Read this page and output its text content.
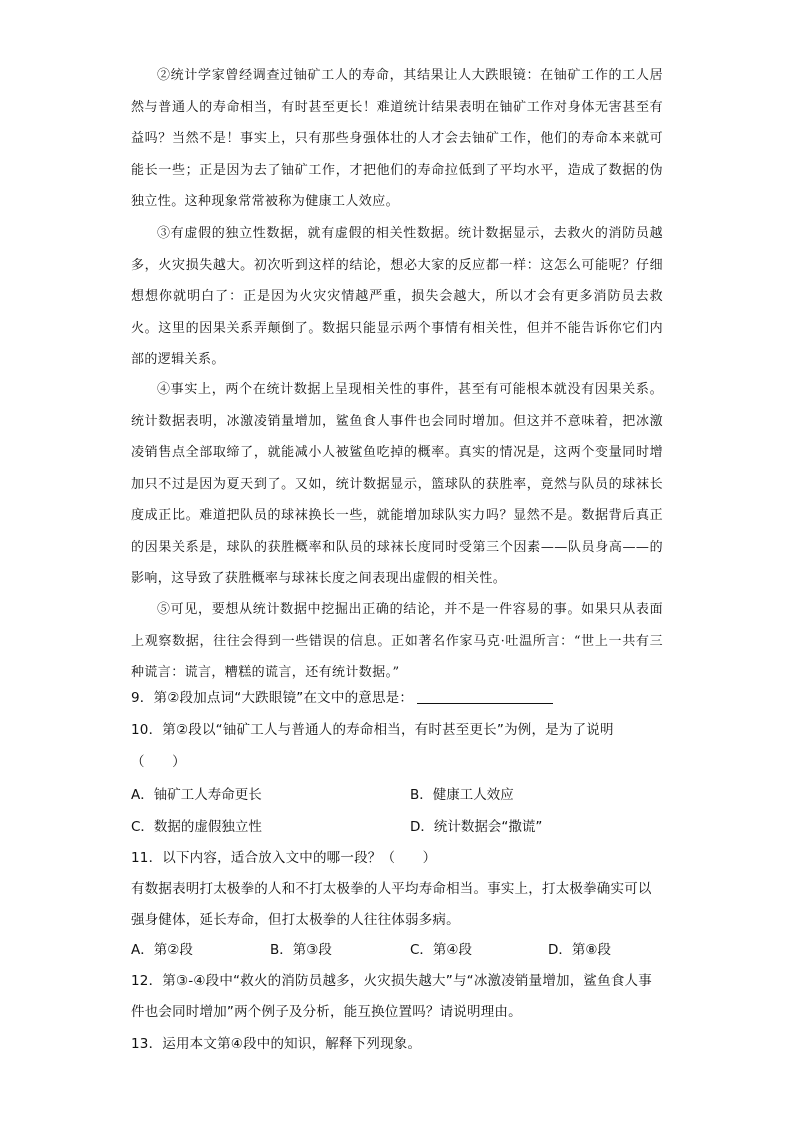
②统计学家曾经调查过铀矿工人的寿命，其结果让人大跌眼镜：在铀矿工作的工人居然与普通人的寿命相当，有时甚至更长！难道统计结果表明在铀矿工作对身体无害甚至有益吗？当然不是！事实上，只有那些身强体壮的人才会去铀矿工作，他们的寿命本来就可能长一些；正是因为去了铀矿工作，才把他们的寿命拉低到了平均水平，造成了数据的伪独立性。这种现象常常被称为健康工人效应。

③有虚假的独立性数据，就有虚假的相关性数据。统计数据显示，去救火的消防员越多，火灾损失越大。初次听到这样的结论，想必大家的反应都一样：这怎么可能呢？仔细想想你就明白了：正是因为火灾灾情越严重，损失会越大，所以才会有更多消防员去救火。这里的因果关系弄颠倒了。数据只能显示两个事情有相关性，但并不能告诉你它们内部的逻辑关系。

④事实上，两个在统计数据上呈现相关性的事件，甚至有可能根本就没有因果关系。统计数据表明，冰激凌销量增加，鲨鱼食人事件也会同时增加。但这并不意味着，把冰激凌销售点全部取缔了，就能减小人被鲨鱼吃掉的概率。真实的情况是，这两个变量同时增加只不过是因为夏天到了。又如，统计数据显示，篮球队的获胜率，竟然与队员的球袜长度成正比。难道把队员的球袜换长一些，就能增加球队实力吗？显然不是。数据背后真正的因果关系是，球队的获胜概率和队员的球袜长度同时受第三个因素——队员身高——的影响，这导致了获胜概率与球袜长度之间表现出虚假的相关性。

⑤可见，要想从统计数据中挖掘出正确的结论，并不是一件容易的事。如果只从表面上观察数据，往往会得到一些错误的信息。正如著名作家马克·吐温所言：“世上一共有三种谎言：谎言，糟糕的谎言，还有统计数据。”

9．第②段加点词“大跌眼镜”在文中的意思是：
10．第②段以“铀矿工人与普通人的寿命相当，有时甚至更长”为例，是为了说明
（　　）
A．铀矿工人寿命更长	B．健康工人效应
C．数据的虚假独立性	D．统计数据会“撒谎”
11．以下内容，适合放入文中的哪一段？（　　）
有数据表明打太极拳的人和不打太极拳的人平均寿命相当。事实上，打太极拳确实可以强身健体，延长寿命，但打太极拳的人往往体弱多病。
A．第②段	B．第③段	C．第④段	D．第⑧段
12．第③-④段中“救火的消防员越多，火灾损失越大”与“冰激凌销量增加，鲨鱼食人事件也会同时增加”两个例子及分析，能互换位置吗？请说明理由。
13．运用本文第④段中的知识，解释下列现象。
